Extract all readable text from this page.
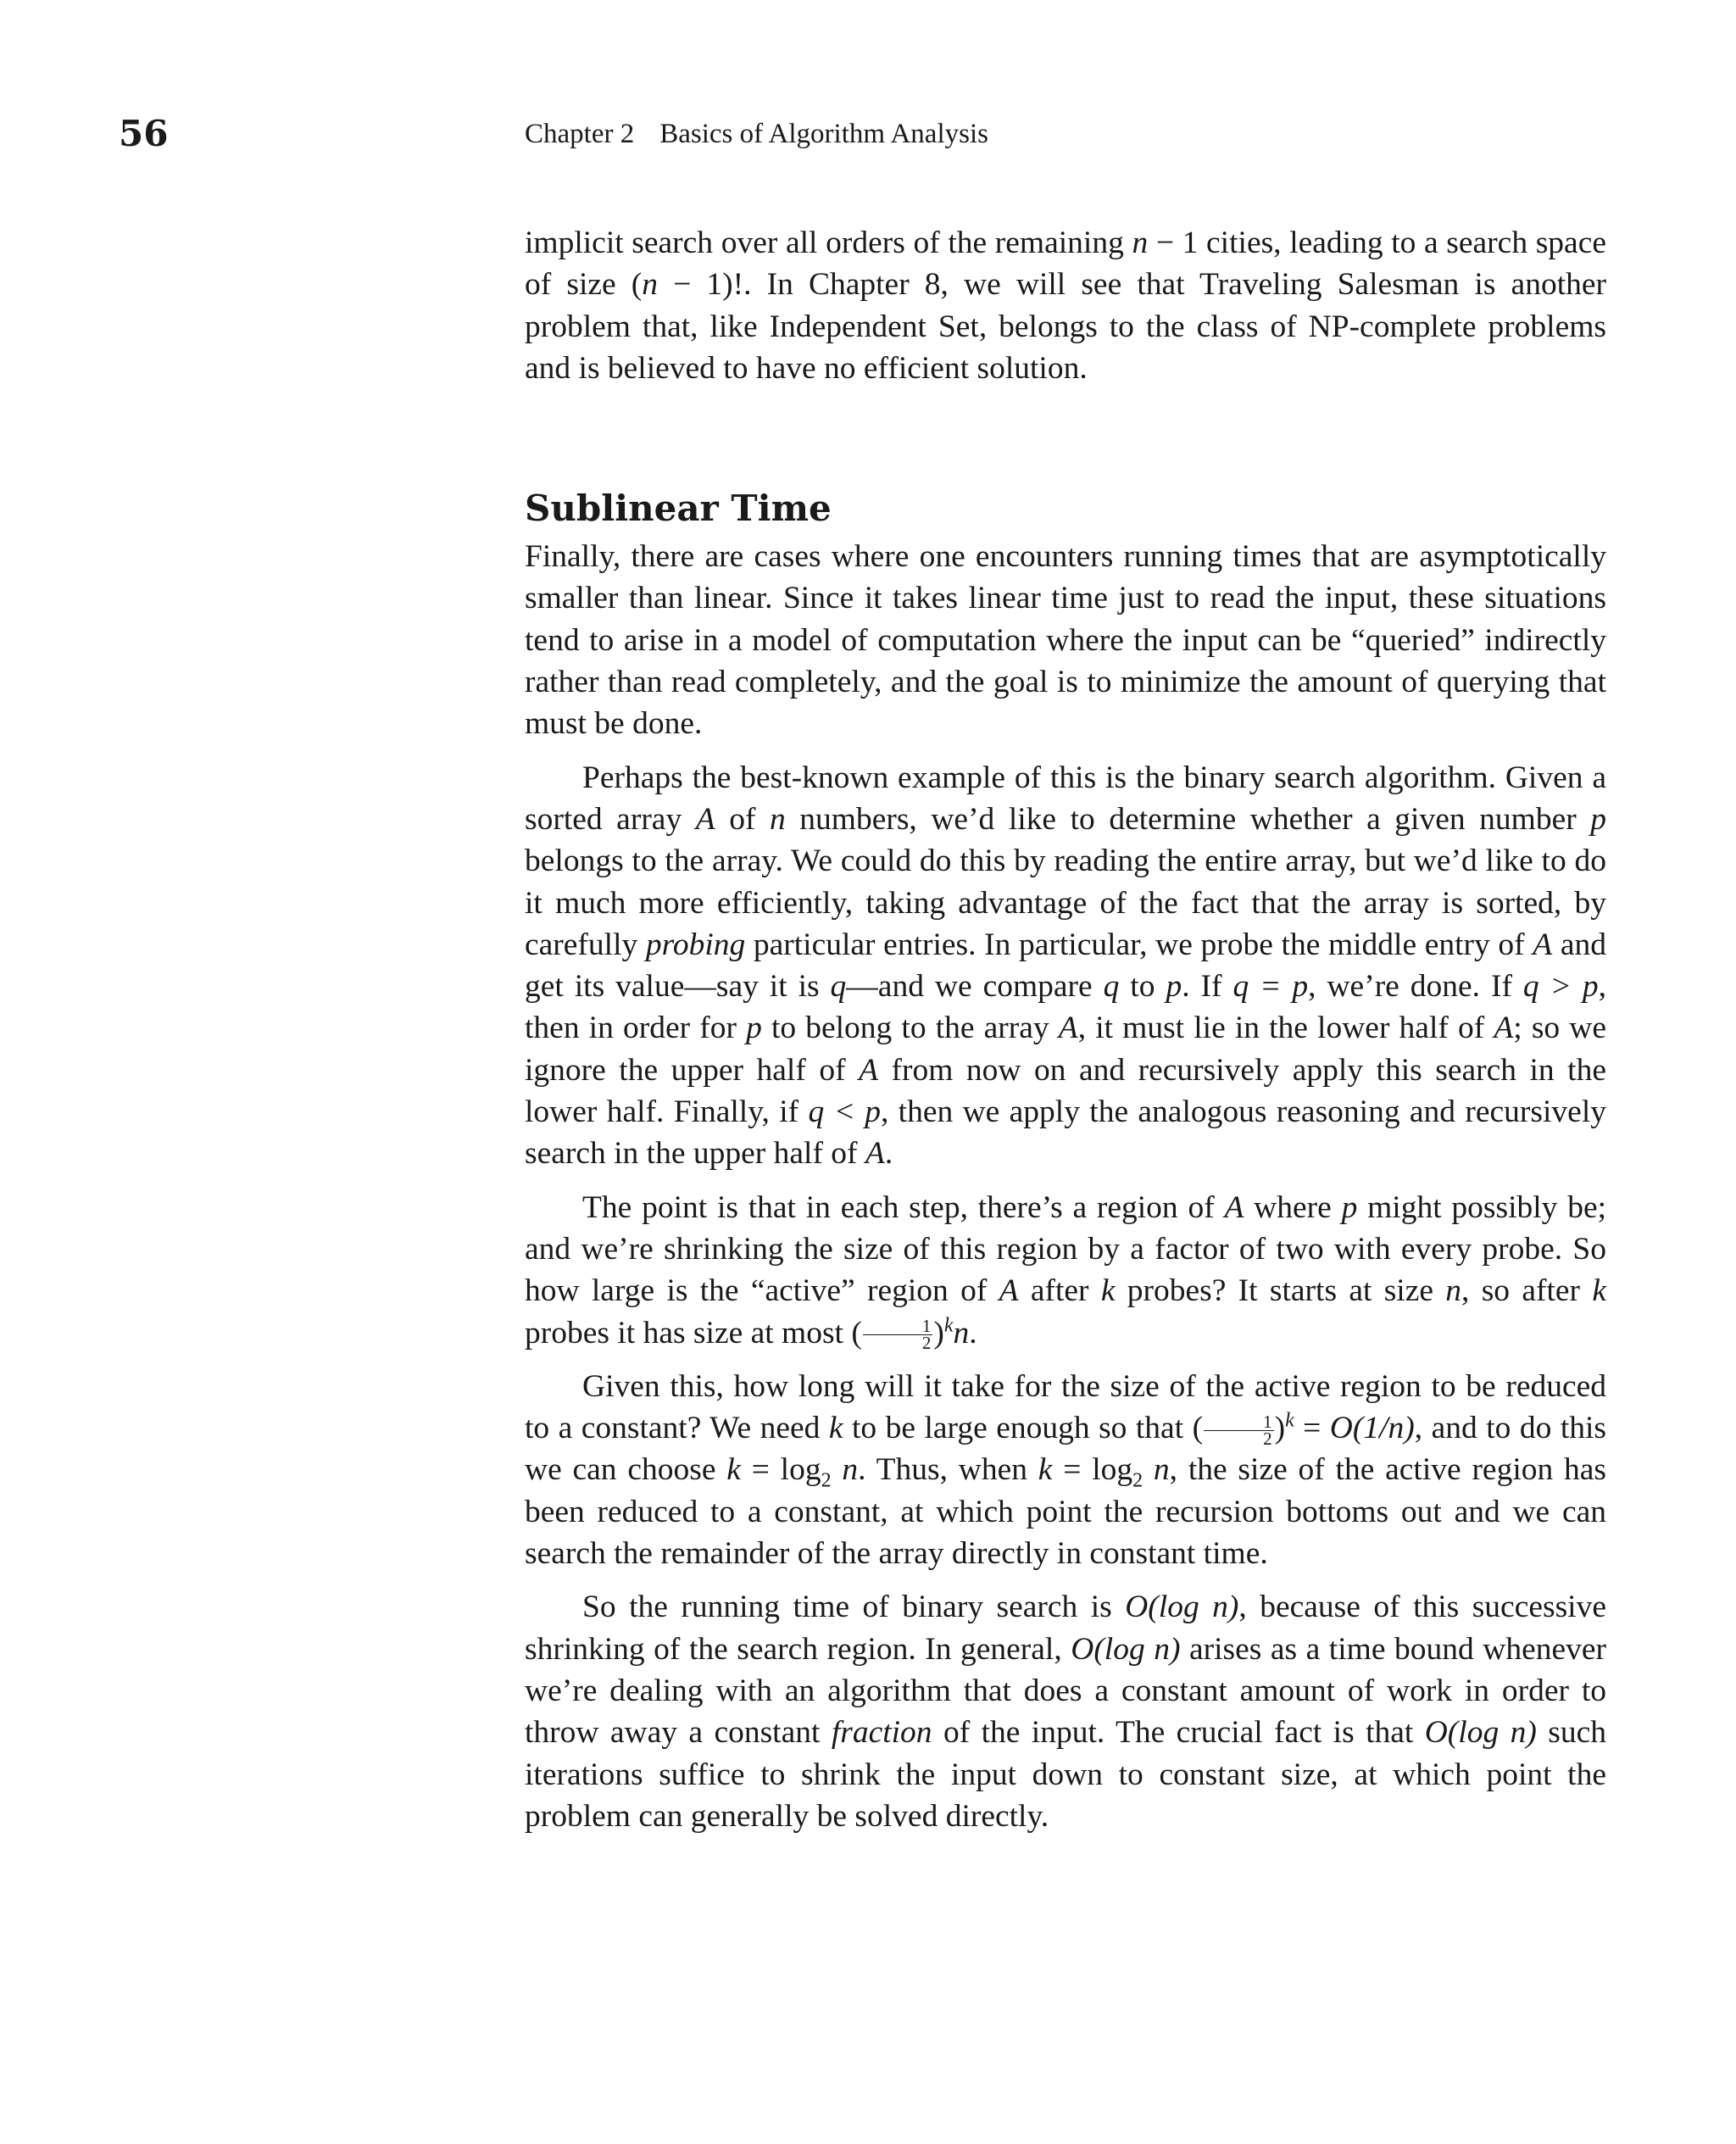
56	Chapter 2 Basics of Algorithm Analysis

implicit search over all orders of the remaining n − 1 cities, leading to a search space of size (n − 1)!. In Chapter 8, we will see that Traveling Salesman is another problem that, like Independent Set, belongs to the class of NP-complete problems and is believed to have no efficient solution.

Sublinear Time

Finally, there are cases where one encounters running times that are asymptotically smaller than linear. Since it takes linear time just to read the input, these situations tend to arise in a model of computation where the input can be “queried” indirectly rather than read completely, and the goal is to minimize the amount of querying that must be done.

Perhaps the best-known example of this is the binary search algorithm. Given a sorted array A of n numbers, we’d like to determine whether a given number p belongs to the array. We could do this by reading the entire array, but we’d like to do it much more efficiently, taking advantage of the fact that the array is sorted, by carefully probing particular entries. In particular, we probe the middle entry of A and get its value—say it is q—and we compare q to p. If q = p, we’re done. If q > p, then in order for p to belong to the array A, it must lie in the lower half of A; so we ignore the upper half of A from now on and recursively apply this search in the lower half. Finally, if q < p, then we apply the analogous reasoning and recursively search in the upper half of A.

The point is that in each step, there’s a region of A where p might possibly be; and we’re shrinking the size of this region by a factor of two with every probe. So how large is the “active” region of A after k probes? It starts at size n, so after k probes it has size at most ( $\frac{1}{2} )^kn$.

Given this, how long will it take for the size of the active region to be reduced to a constant? We need k to be large enough so that ( $\frac{1}{2} )^k = O(1/n)$, and to do this we can choose $k = \log_2 n$. Thus, when $k = \log_2 n$, the size of the active region has been reduced to a constant, at which point the recursion bottoms out and we can search the remainder of the array directly in constant time.

So the running time of binary search is O(log n), because of this successive shrinking of the search region. In general, O(log n) arises as a time bound whenever we’re dealing with an algorithm that does a constant amount of work in order to throw away a constant fraction of the input. The crucial fact is that O(log n) such iterations suffice to shrink the input down to constant size, at which point the problem can generally be solved directly.
